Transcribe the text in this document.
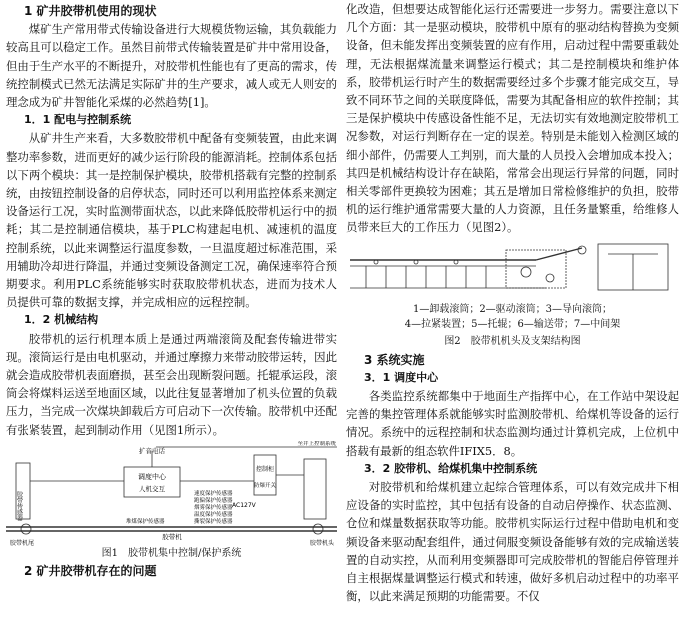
1 矿井胶带机使用的现状

煤矿生产常用带式传输设备进行大规模货物运输，其负载能力较高且可以稳定工作。虽然目前带式传输装置是矿井中常用设备，但由于生产水平的不断提升，对胶带机性能也有了更高的需求，传统控制模式已然无法满足实际矿井的生产要求，减人或无人则安的理念成为矿井智能化采煤的必然趋势[1]。

1．1 配电与控制系统

从矿井生产来看，大多数胶带机中配备有变频装置，由此来调整功率参数，进而更好的减少运行阶段的能源消耗。控制体系包括以下两个模块：其一是控制保护模块，胶带机搭载有完整的控制系统，由按钮控制设备的启停状态，同时还可以利用监控体系来测定设备运行工况，实时监测带面状态，以此来降低胶带机运行中的损耗；其二是控制通信模块，基于PLC构建起电机、减速机的温度控制系统，以此来调整运行温度参数，一旦温度超过标准范围，采用辅助冷却进行降温，并通过变频设备测定工况，确保速率符合预期要求。利用PLC系统能够实时获取胶带机状态，进而为技术人员提供可靠的数据支撑，并完成相应的远程控制。

1．2 机械结构

胶带机的运行机理本质上是通过两端滚筒及配套传输进带实现。滚筒运行是由电机驱动，并通过摩擦力来带动胶带运转，因此就会造成胶带机表面磨损，甚至会出现断裂问题。托辊承运段，滚筒会将煤料运送至地面区域，以此往复显著增加了机头位置的负载压力，当完成一次煤块卸载后方可启动下一次传输。胶带机中还配有张紧装置，起到制动作用（见图1所示）。

胶带传感器
扩音电话
至井上控制系统
调度中心
人机交互
控制柜
防爆开关
AC127V
速度保护传感器
跑偏保护传感器
烟雾保护传感器
温度保护传感器
撕裂保护传感器
堆煤保护传感器
胶带机
胶带机尾	胶带机头
图1　胶带机集中控制/保护系统
2 矿井胶带机存在的问题

化改造，但想要达成智能化运行还需要进一步努力。需要注意以下几个方面：其一是驱动模块，胶带机中原有的驱动结构替换为变频设备，但未能发挥出变频装置的应有作用，启动过程中需要重载处理，无法根据煤流量来调整运行模式；其二是控制模块和维护体系，胶带机运行时产生的数据需要经过多个步骤才能完成交互，导致不同环节之间的关联度降低，需要为其配备相应的软件控制；其三是保护模块中传感设备性能不足，无法切实有效地测定胶带机工况参数，对运行判断存在一定的误差。特别是未能划入检测区域的细小部件，仍需要人工判别，而大量的人员投入会增加成本投入；其四是机械结构设计存在缺陷，常常会出现运行异常的问题，同时相关零部件更换较为困难；其五是增加日常检修维护的负担，胶带机的运行维护通常需要大量的人力资源，且任务量繁重，给维修人员带来巨大的工作压力（见图2）。

1—卸载滚筒；2—驱动滚筒；3—导向滚筒；
4—拉紧装置；5—托辊；6—输送带；7—中间架
图2　胶带机机头及支架结构图
3 系统实施
3．1 调度中心

各类监控系统都集中于地面生产指挥中心，在工作站中架设起完善的集控管理体系就能够实时监测胶带机、给煤机等设备的运行情况。系统中的远程控制和状态监测均通过计算机完成，上位机中搭载有最新的组态软件IFIX5．8。

3．2 胶带机、给煤机集中控制系统

对胶带机和给煤机建立起综合管理体系，可以有效完成井下相应设备的实时监控，其中包括有设备的自动启停操作、状态监测、仓位和煤量数据获取等功能。胶带机实际运行过程中借助电机和变频设备来驱动配套组件，通过伺服变频设备能够有效的完成输送装置的自动实控，从而利用变频器即可完成胶带机的智能启停管理并自主根据煤量调整运行模式和转速，做好多机启动过程中的功率平衡，以此来满足预期的功能需要。不仅
